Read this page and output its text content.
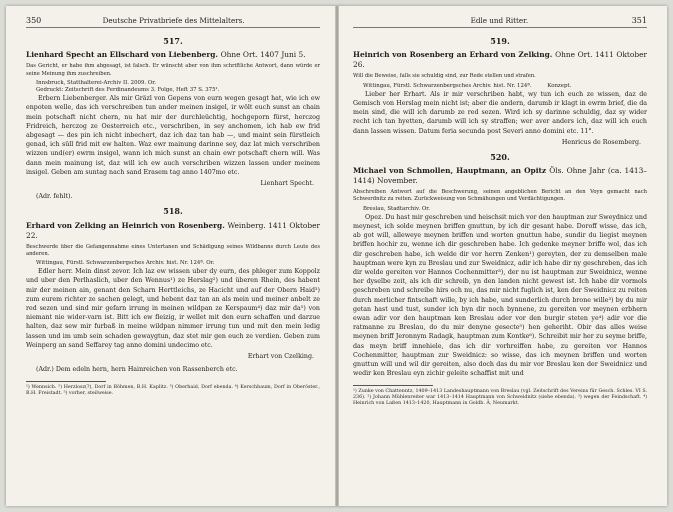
350	Deutsche Privatbriefe des Mittelalters.
517.
Lienhard Specht an Ellschard von Liebenberg. Ohne Ort. 1407 Juni 5.
Das Gericht, er habe ihm abgesagt, ist falsch. Er wünscht aber von ihm schriftliche Antwort, dann würde er seine Meinung ihm zuschreiben.
Innsbruck, Statthalterei-Archiv II. 2009. Or.
Gedruckt: Zeitschrift des Ferdinandeums 3. Folge, Heft 37 S. 375¹.

Erbern Liebenberger. Als mir Gräzl von Gepens von eurn wegen gesagt hat, wie ich ew enpoten welle, das ich verschreiben tun ander meinen insigel, ir wölt euch sunst an chain mein potschaft nicht chern, nu hat mir der durchleüchtig, hochgeporn fürst, herczog Fridreich, herczog ze Oesterreich etc., verschriben, in sey anchomen, ich hab ew frid abgesagt — des pin ich nicht inbechert, daz ich daz tan hab —, und maint sein fürstleich genad, ich süll frid mit ew halten. Waz ewr mainung darinne sey, daz lat mich verschriben wizzen und(er) ewrm insigel, wann ich mich sunst an chain ewr potschaft chern will. Was dann mein mainung ist, daz will ich ew auch verschriben wizzen lassen under meinem insigel. Geben am suntag nach sand Erasem tag anno 1407mo etc.

Lienhart Specht.
(Adr. fehlt).
518.
Erhard von Zelking an Heinrich von Rosenberg. Weinberg. 1411 Oktober 22.
Beschwerde über die Gefangennahme eines Untertanen und Schädigung seines Wildbanns durch Leute des anderen.
Wittingau, Fürstl. Schwarzenbergsches Archiv. hist. Nr. 124ª. Or.

Edler herr. Mein dinst zevor. Ich laz ew wissen uber dy eurn, des phleger zum Koppolz und uber den Perlhaslich, uber den Wennus¹) ze Herslag²) und überen Rhein, des habent mir der meinen ain, genant den Scharn Herttleichs, ze Hacicht und auf der Obern Haid³) zum eurem richter ze sachen gelegt, und hebent daz tan an als mein und meiner anbelt ze red sezen und sind mir gefarn irrung in meinen wildpan ze Kerspaum⁴) daz mir da⁵) von niemant nie wider-varn ist. Bitt ich ew fleizig, ir wellet mit den eurn schaffen und darzue halten, daz sew mir furbaß in meine wildpan nimmer irrung tun und mit den mein ledig lassen und im umb sein schaden gewaygtun, daz stet mir gen euch ze verdien. Geben zum Weinperg an sand Seffarey tag anno domini undecimo etc.

Erhart von Czelking.
(Adr.) Dem edeln hern, hern Hainreichen von Rassenberch etc.
¹) Wennsich. ²) Herzlosz(?), Dorf in Böhmen, B.H. Kaplitz. ³) Oberhaid, Dorf ebenda. ⁴) Kerschbaum, Dorf in Oberöster., B.H. Freistadt. ⁵) vorher, steilweise.
Edle und Ritter.	351
519.
Heinrich von Rosenberg an Erhard von Zelking. Ohne Ort. 1411 Oktober 26.
Will die Beweise, falls sie schuldig sind, zur Rede stellen und strafen.
Wittingau, Fürstl. Schwarzenbergsches Archiv. hist. Nr. 124ª.	Konzept.

Lieber her Erhart. Als ir mir verschriben habt, wy tun ich euch ze wissen, daz de Gemisch von Herslag mein nicht ist; aber die andern, darumb ir klagt in ewrm brief, die da mein sind, die will ich darumb ze red sezen. Wird ich sy darinne schuldig, daz sy wider recht ich tan hyetten, darumb will ich sy straffen; wer aver anders ich, daz will ich euch dann lassen wissen. Datum feria secunda post Severi anno domini etc. 11°.

Henricus de Rosemberg.
520.
Michael von Schmollen, Hauptmann, an Opitz Öls. Ohne Jahr (ca. 1413–1414) November.
Abschreiben Antwort auf die Beschwerung, seinen angeblichen Bericht an den Voyn gemacht nach Schwerdnitz zu reiten. Zurückweisung von Schmähungen und Verdächtigungen.
Breslau, Stadtarchiv. Or.

Opez. Du hast mir geschreben und heischsit mich vor den hauptman zur Sweydnicz und meynest, ich solde meynen briffen gnuttun, by ich dir gesant habe. Doroff wisse, das ich, ab got will, alleweye meynen briffen und worten gnuttun habe, sundir du liegist meynen briffen hochir zu, wenne ich dir geschreben habe. Ich gedenke meyner briffe wol, das ich dir geschreben habe, ich welde dir vor herrn Zenken¹) gereyten, der zu demselben male hauptman were kyn zu Breslau und zur Sweidnicz, adir ich habe dir ny geschreben, das ich dir welde gereiten vor Hannos Cochenmitter³), der nu ist hauptman zur Sweidnicz, wenne her dyselbe zeit, als ich dir schreib, yn den landen nicht gewest ist. Ich habe dir vormols geschreben und schreibe hirs och nu, das mir nicht fuglich ist, ken der Sweidnicz zu reiten durch merlicher fintschaft wille, by ich habe, und sunderlich durch brone wille³) by du mir getan hast und tust, sunder ich byn dir noch bynnene, zu gereiten vor meynen erbhern ewan adir vor den hauptman ken Breslau ader vor den burgir steten ye⁴) adir vor die ratmanne zu Breslau, do du mir denyne gesecte⁵) hen geheriht. Obir das alles weise meynen briff Jeronnym Radagk, hauptman zum Kontke⁶). Schreibit mir her zu seyme briffe, das meyn briff innehiele, das ich dir vorhreiffen habe, zu gereiten vor Hannos Cochenmitter, hauptman zur Sweidnicz: so wisse, das ich meynen briffen und worten gnuttun will und wil dir gereiten, also doch das du mir vor Breslau ken der Sweidnicz und wedir ken Breslau eyn zichir geleite schaffist mit und

¹) Zunke von Chattenntz, 1409–1413 Landeshauptmann von Breslau (vgl. Zeitschrift des Vereins für Gesch. Schles. VI S. 236). ²) Johann Mühlenreiter war 1413–1414 Hauptmann von Schweidnitz (siehe ebenda). ³) wegen der Feindschaft. ⁴) Heinrich von Laßen 1413–1420, Hauptmann in Goldb. Ä, Neumarkt.
